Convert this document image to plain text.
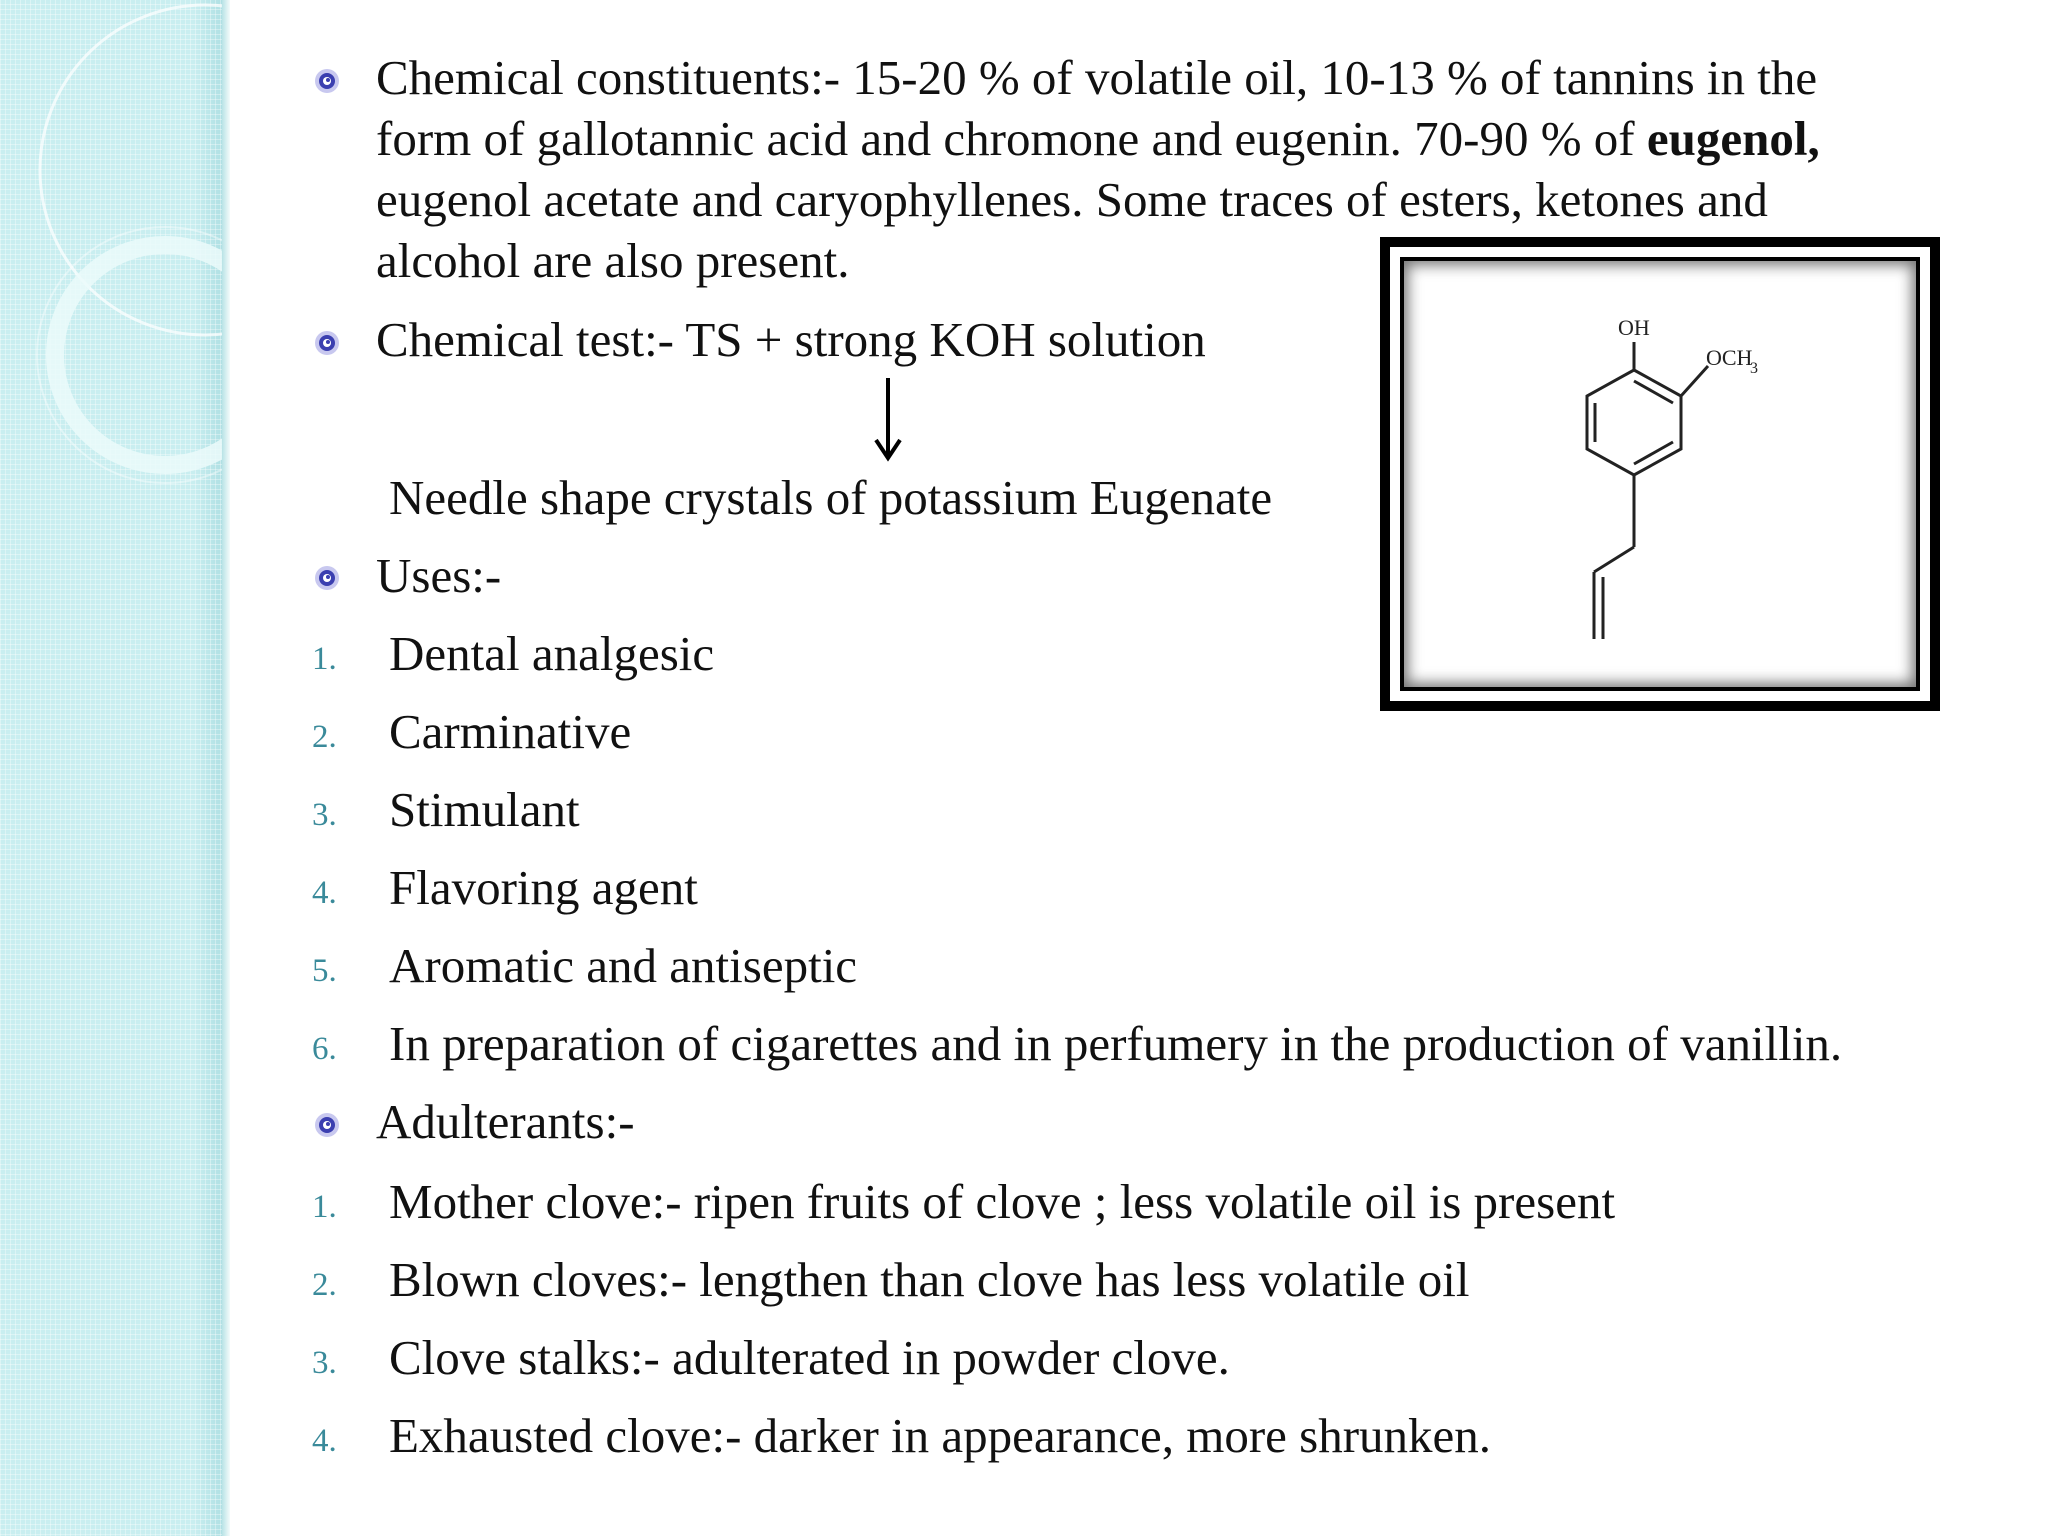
Chemical constituents:- 15-20 % of volatile oil, 10-13 % of tannins in the
form of gallotannic acid and chromone and eugenin. 70-90 % of eugenol,
eugenol acetate and caryophyllenes. Some traces of esters, ketones and
alcohol are also present.
Chemical test:- TS + strong KOH solution
Needle shape crystals of potassium Eugenate
Uses:-
1.	Dental analgesic
2.	Carminative
3.	Stimulant
4.	Flavoring agent
5.	Aromatic and antiseptic
6.	In preparation of cigarettes and in perfumery in the production of vanillin.
Adulterants:-
1.	Mother clove:- ripen fruits of clove ; less volatile oil is present
2.	Blown cloves:- lengthen than clove has less volatile oil
3.	Clove stalks:- adulterated in powder clove.
4.	Exhausted clove:- darker in appearance, more shrunken.
OH
OCH
3
